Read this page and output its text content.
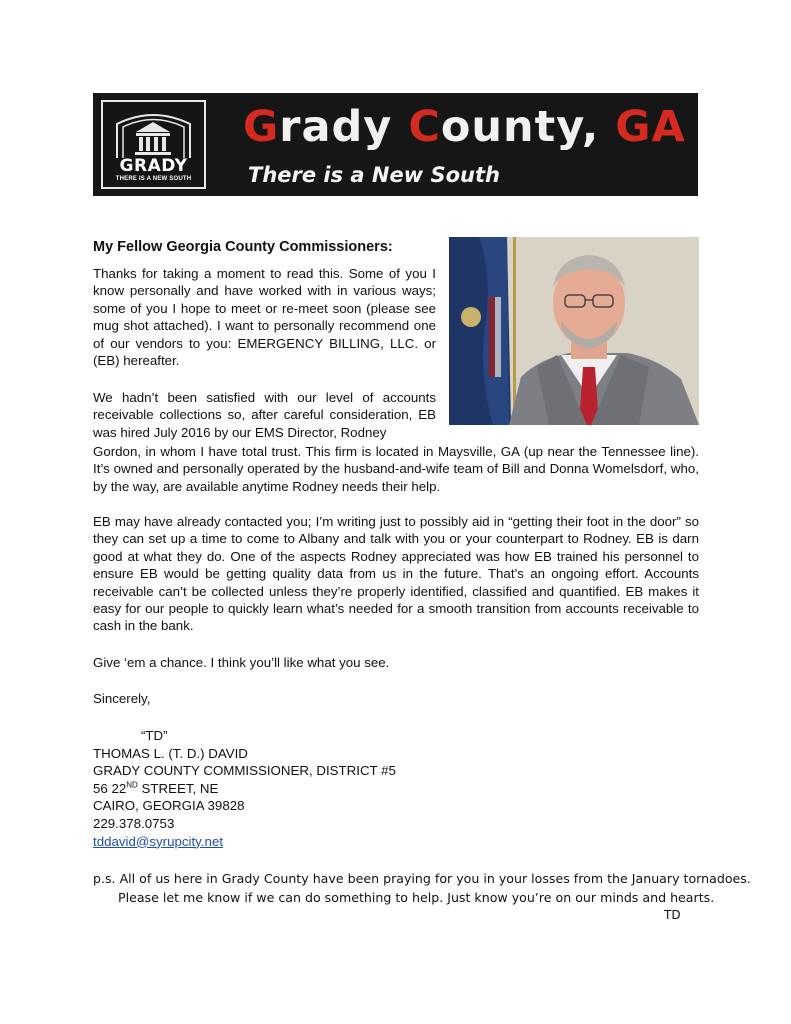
GRADY
THERE IS A NEW SOUTH
Grady County, GA
There is a New South
My Fellow Georgia County Commissioners:
Thanks for taking a moment to read this. Some of you I know personally and have worked with in various ways; some of you I hope to meet or re-meet soon (please see mug shot attached). I want to personally recommend one of our vendors to you: EMERGENCY BILLING, LLC. or (EB) hereafter.
We hadn’t been satisfied with our level of accounts receivable collections so, after careful consideration, EB was hired July 2016 by our EMS Director, Rodney
Gordon, in whom I have total trust. This firm is located in Maysville, GA (up near the Tennessee line). It’s owned and personally operated by the husband-and-wife team of Bill and Donna Womelsdorf, who, by the way, are available anytime Rodney needs their help.
EB may have already contacted you; I’m writing just to possibly aid in “getting their foot in the door” so they can set up a time to come to Albany and talk with you or your counterpart to Rodney. EB is darn good at what they do. One of the aspects Rodney appreciated was how EB trained his personnel to ensure EB would be getting quality data from us in the future. That’s an ongoing effort. Accounts receivable can’t be collected unless they’re properly identified, classified and quantified. EB makes it easy for our people to quickly learn what’s needed for a smooth transition from accounts receivable to cash in the bank.
Give ‘em a chance. I think you’ll like what you see.
Sincerely,
“TD”
THOMAS L. (T. D.) DAVID
GRADY COUNTY COMMISSIONER, DISTRICT #5
56 22ND STREET, NE
CAIRO, GEORGIA 39828
229.378.0753
tddavid@syrupcity.net
p.s. All of us here in Grady County have been praying for you in your losses from the January tornadoes.
Please let me know if we can do something to help. Just know you’re on our minds and hearts.
TD
